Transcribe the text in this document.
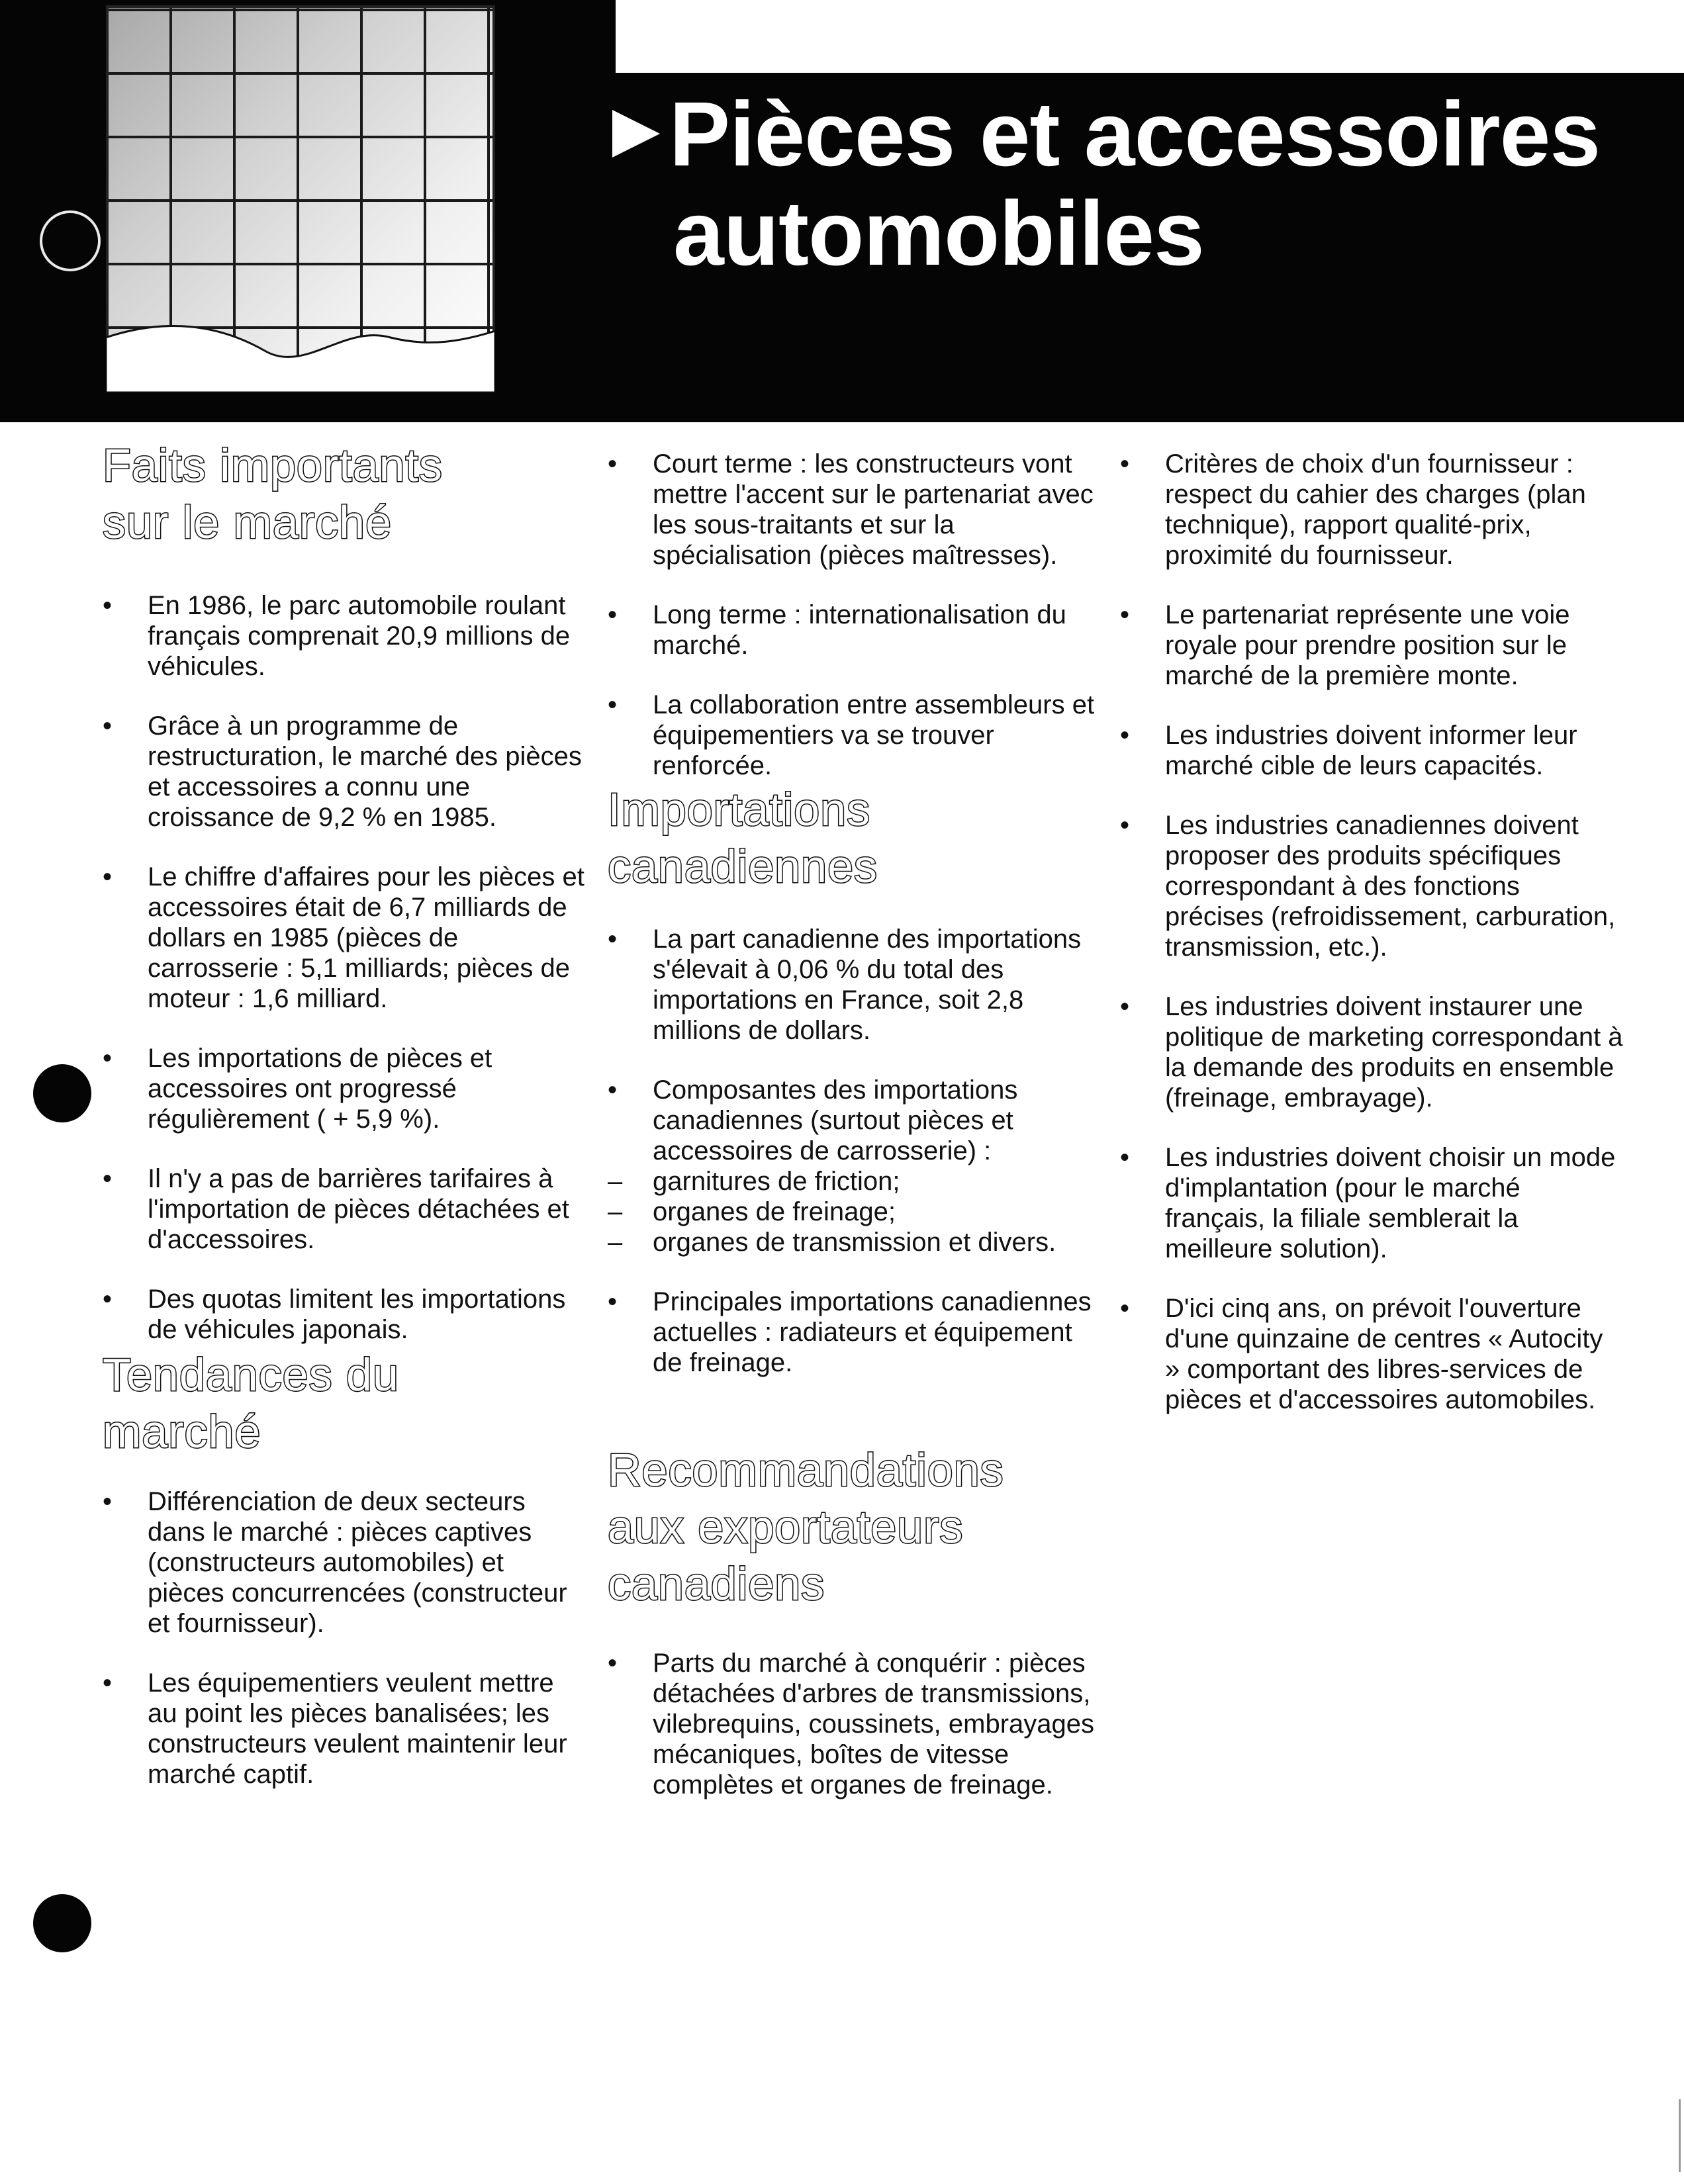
Pièces et accessoires
automobiles
Faits importants
sur le marché
• En 1986, le parc automobile roulant français comprenait 20,9 millions de véhicules.
• Grâce à un programme de restructuration, le marché des pièces et accessoires a connu une croissance de 9,2 % en 1985.
• Le chiffre d'affaires pour les pièces et accessoires était de 6,7 milliards de dollars en 1985 (pièces de carrosserie : 5,1 milliards; pièces de moteur : 1,6 milliard.
• Les importations de pièces et accessoires ont progressé régulièrement ( + 5,9 %).
• Il n'y a pas de barrières tarifaires à l'importation de pièces détachées et d'accessoires.
• Des quotas limitent les importations de véhicules japonais.
Tendances du
marché
• Différenciation de deux secteurs dans le marché : pièces captives (constructeurs automobiles) et pièces concurrencées (constructeur et fournisseur).
• Les équipementiers veulent mettre au point les pièces banalisées; les constructeurs veulent maintenir leur marché captif.
• Court terme : les constructeurs vont mettre l'accent sur le partenariat avec les sous-traitants et sur la spécialisation (pièces maîtresses).
• Long terme : internationalisation du marché.
• La collaboration entre assembleurs et équipementiers va se trouver renforcée.
Importations
canadiennes
• La part canadienne des importations s'élevait à 0,06 % du total des importations en France, soit 2,8 millions de dollars.
• Composantes des importations canadiennes (surtout pièces et accessoires de carrosserie) :
– garnitures de friction;
– organes de freinage;
– organes de transmission et divers.
• Principales importations canadiennes actuelles : radiateurs et équipement de freinage.
Recommandations
aux exportateurs
canadiens
• Parts du marché à conquérir : pièces détachées d'arbres de transmissions, vilebrequins, coussinets, embrayages mécaniques, boîtes de vitesse complètes et organes de freinage.
• Critères de choix d'un fournisseur : respect du cahier des charges (plan technique), rapport qualité-prix, proximité du fournisseur.
• Le partenariat représente une voie royale pour prendre position sur le marché de la première monte.
• Les industries doivent informer leur marché cible de leurs capacités.
• Les industries canadiennes doivent proposer des produits spécifiques correspondant à des fonctions précises (refroidissement, carburation, transmission, etc.).
• Les industries doivent instaurer une politique de marketing correspondant à la demande des produits en ensemble (freinage, embrayage).
• Les industries doivent choisir un mode d'implantation (pour le marché français, la filiale semblerait la meilleure solution).
• D'ici cinq ans, on prévoit l'ouverture d'une quinzaine de centres « Autocity » comportant des libres-services de pièces et d'accessoires automobiles.
